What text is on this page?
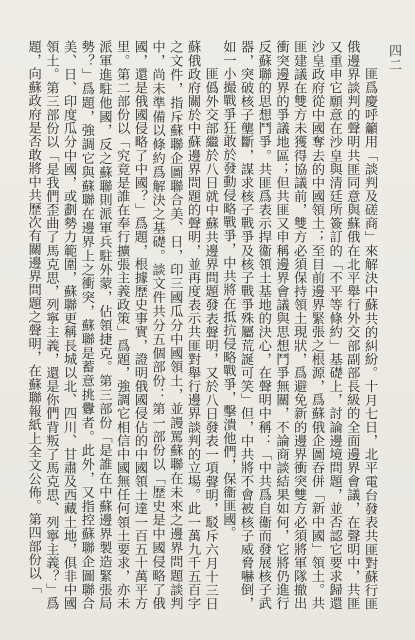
四二

匪爲慶呼籲用「談判及磋商」來解決中蘇共的糾紛。十月七日，北平電台發表共匪對蘇行匪俄邊界談判的聲明共匪同意與蘇俄在北平舉行外交部副部長級的全面邊界會議，在聲明中，共匪又重申它願意在沙皇與清廷所簽訂的「不平等條約」基礎上，討論邊境問題，並否認它要求歸還沙皇政府從中國奪去的中國領土；至目前邊界緊張之根源，爲蘇俄企圖吞併「新中國」領土。共匪建議在雙方未獲得協議前，雙方必須保持領土現狀，爲避免新的邊界衝突雙方必須將軍隊撤出衝突邊界的爭議地區；但共匪又申稱邊界會議與思想鬥爭無關，不論商談結果如何，它將仍進行反蘇聯的思想鬥爭。共匪爲表示捍衞領土基地的決心，在聲明中稱：「中共爲自衞而發展核子武器，突破核子壟斷，謀求核子戰爭及核子戰爭殊屬荒誕可笑」但，中共將不會被核子威脅嚇倒，如一小撮戰爭狂敢於發動侵略戰爭，中共將在抵抗侵略戰爭，擊潰他們，保衞匪國。

匪僞外交部繼於八日就中蘇共邊界問題發表聲明，又於八日發表一項聲明，駁斥六月十三日蘇俄政府關於中蘇邊界問題的聲明，並再度表示共匪對舉行邊界談判的立場。此一萬九千五百字之文件，指斥蘇聯企圖聯合美、日，印三國瓜分中國領土，並謾罵蘇聯在未來之邊界問題談判中，尚未準備以條約爲解決之基礎。談文件共分五個部份：第一部份以「歷史是中國侵略了俄國，還是俄國侵略了中國？」爲題，根據歷史事實，證明俄國侵佔的中國領土達一百五十萬平方里。第二部份以「究竟是誰在奉行擴張主義政策」爲題，強調它相信中國無任何領土要求，亦未派軍進駐他國，反之蘇聯則派軍兵駐外蒙，佔領捷克。第三部份「是誰在中蘇邊界製造緊張局勢？」爲題，強調它與蘇聯在邊界上之衝突，蘇聯是蓄意挑釁者。此外，又指控蘇聯企圖聯合美、日、印度瓜分中國，或劃勢力範圍，蘇聯更稱長城以北、四川、甘肅及西藏土地，俱非中國領土。第三部份以「是我們歪曲了馬克思，列寧主義，還是你們背叛了馬克思、列寧主義？」爲題，向蘇政府是否敢將中共歷次有關邊界問題之聲明，在蘇聯報紙上全文公佈。第四部份以「
